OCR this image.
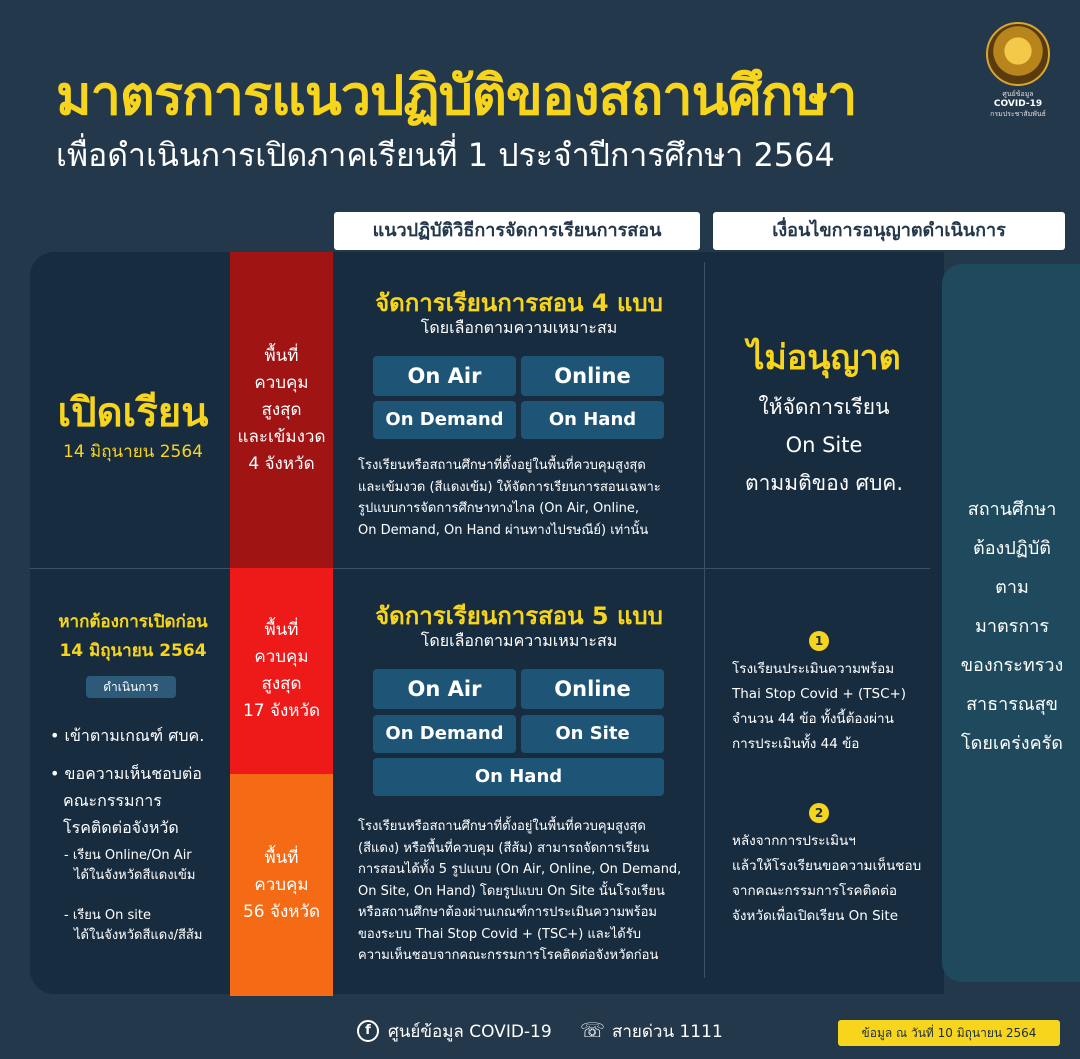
มาตรการแนวปฏิบัติของสถานศึกษา
เพื่อดำเนินการเปิดภาคเรียนที่ 1 ประจำปีการศึกษา 2564
ศูนย์ข้อมูล
COVID-19
กรมประชาสัมพันธ์
แนวปฏิบัติวิธีการจัดการเรียนการสอน	เงื่อนไขการอนุญาตดำเนินการ
พื้นที่
ควบคุม
สูงสุด
และเข้มงวด
4 จังหวัด
พื้นที่
ควบคุม
สูงสุด
17 จังหวัด
พื้นที่
ควบคุม
56 จังหวัด
เปิดเรียน
14 มิถุนายน 2564
หากต้องการเปิดก่อน
14 มิถุนายน 2564
ดำเนินการ
• เข้าตามเกณฑ์ ศบค.
• ขอความเห็นชอบต่อ
คณะกรรมการ
โรคติดต่อจังหวัด
- เรียน Online/On Air
ได้ในจังหวัดสีแดงเข้ม
- เรียน On site
ได้ในจังหวัดสีแดง/สีส้ม
จัดการเรียนการสอน 4 แบบ
โดยเลือกตามความเหมาะสม
On Air	Online
On Demand	On Hand
โรงเรียนหรือสถานศึกษาที่ตั้งอยู่ในพื้นที่ควบคุมสูงสุด
และเข้มงวด (สีแดงเข้ม) ให้จัดการเรียนการสอนเฉพาะ
รูปแบบการจัดการศึกษาทางไกล (On Air, Online,
On Demand, On Hand ผ่านทางไปรษณีย์) เท่านั้น
จัดการเรียนการสอน 5 แบบ
โดยเลือกตามความเหมาะสม
On Air	Online
On Demand	On Site
On Hand
โรงเรียนหรือสถานศึกษาที่ตั้งอยู่ในพื้นที่ควบคุมสูงสุด
(สีแดง) หรือพื้นที่ควบคุม (สีส้ม) สามารถจัดการเรียน
การสอนได้ทั้ง 5 รูปแบบ (On Air, Online, On Demand,
On Site, On Hand) โดยรูปแบบ On Site นั้นโรงเรียน
หรือสถานศึกษาต้องผ่านเกณฑ์การประเมินความพร้อม
ของระบบ Thai Stop Covid + (TSC+) และได้รับ
ความเห็นชอบจากคณะกรรมการโรคติดต่อจังหวัดก่อน
ไม่อนุญาต
ให้จัดการเรียน
On Site
ตามมติของ ศบค.
1
โรงเรียนประเมินความพร้อม
Thai Stop Covid + (TSC+)
จำนวน 44 ข้อ ทั้งนี้ต้องผ่าน
การประเมินทั้ง 44 ข้อ
2
หลังจากการประเมินฯ
แล้วให้โรงเรียนขอความเห็นชอบ
จากคณะกรรมการโรคติดต่อ
จังหวัดเพื่อเปิดเรียน On Site
สถานศึกษา
ต้องปฏิบัติ
ตาม
มาตรการ
ของกระทรวง
สาธารณสุข
โดยเคร่งครัด
f	ศูนย์ข้อมูล COVID-19 ☏ สายด่วน 1111	ข้อมูล ณ วันที่ 10 มิถุนายน 2564
